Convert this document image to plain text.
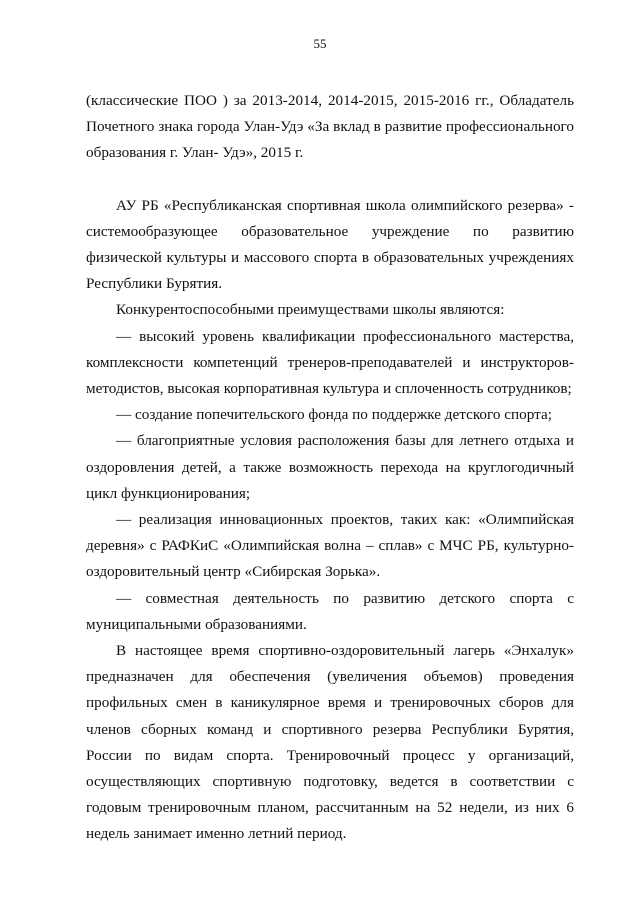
55

(классические ПОО ) за 2013-2014, 2014-2015, 2015-2016 гг., Обладатель Почетного знака города Улан-Удэ «За вклад в развитие профессионального образования г. Улан- Удэ», 2015 г.

АУ РБ «Республиканская спортивная школа олимпийского резерва» - системообразующее образовательное учреждение по развитию физической культуры и массового спорта в образовательных учреждениях Республики Бурятия.

Конкурентоспособными преимуществами школы являются:

— высокий уровень квалификации профессионального мастерства, комплексности компетенций тренеров-преподавателей и инструкторов-методистов, высокая корпоративная культура и сплоченность сотрудников;

— создание попечительского фонда по поддержке детского спорта;

— благоприятные условия расположения базы для летнего отдыха и оздоровления детей, а также возможность перехода на круглогодичный цикл функционирования;

— реализация инновационных проектов, таких как: «Олимпийская деревня» с РАФКиС «Олимпийская волна – сплав» с МЧС РБ, культурно-оздоровительный центр «Сибирская Зорька».

— совместная деятельность по развитию детского спорта с муниципальными образованиями.

В настоящее время спортивно-оздоровительный лагерь «Энхалук» предназначен для обеспечения (увеличения объемов) проведения профильных смен в каникулярное время и тренировочных сборов для членов сборных команд и спортивного резерва Республики Бурятия, России по видам спорта. Тренировочный процесс у организаций, осуществляющих спортивную подготовку, ведется в соответствии с годовым тренировочным планом, рассчитанным на 52 недели, из них 6 недель занимает именно летний период.
